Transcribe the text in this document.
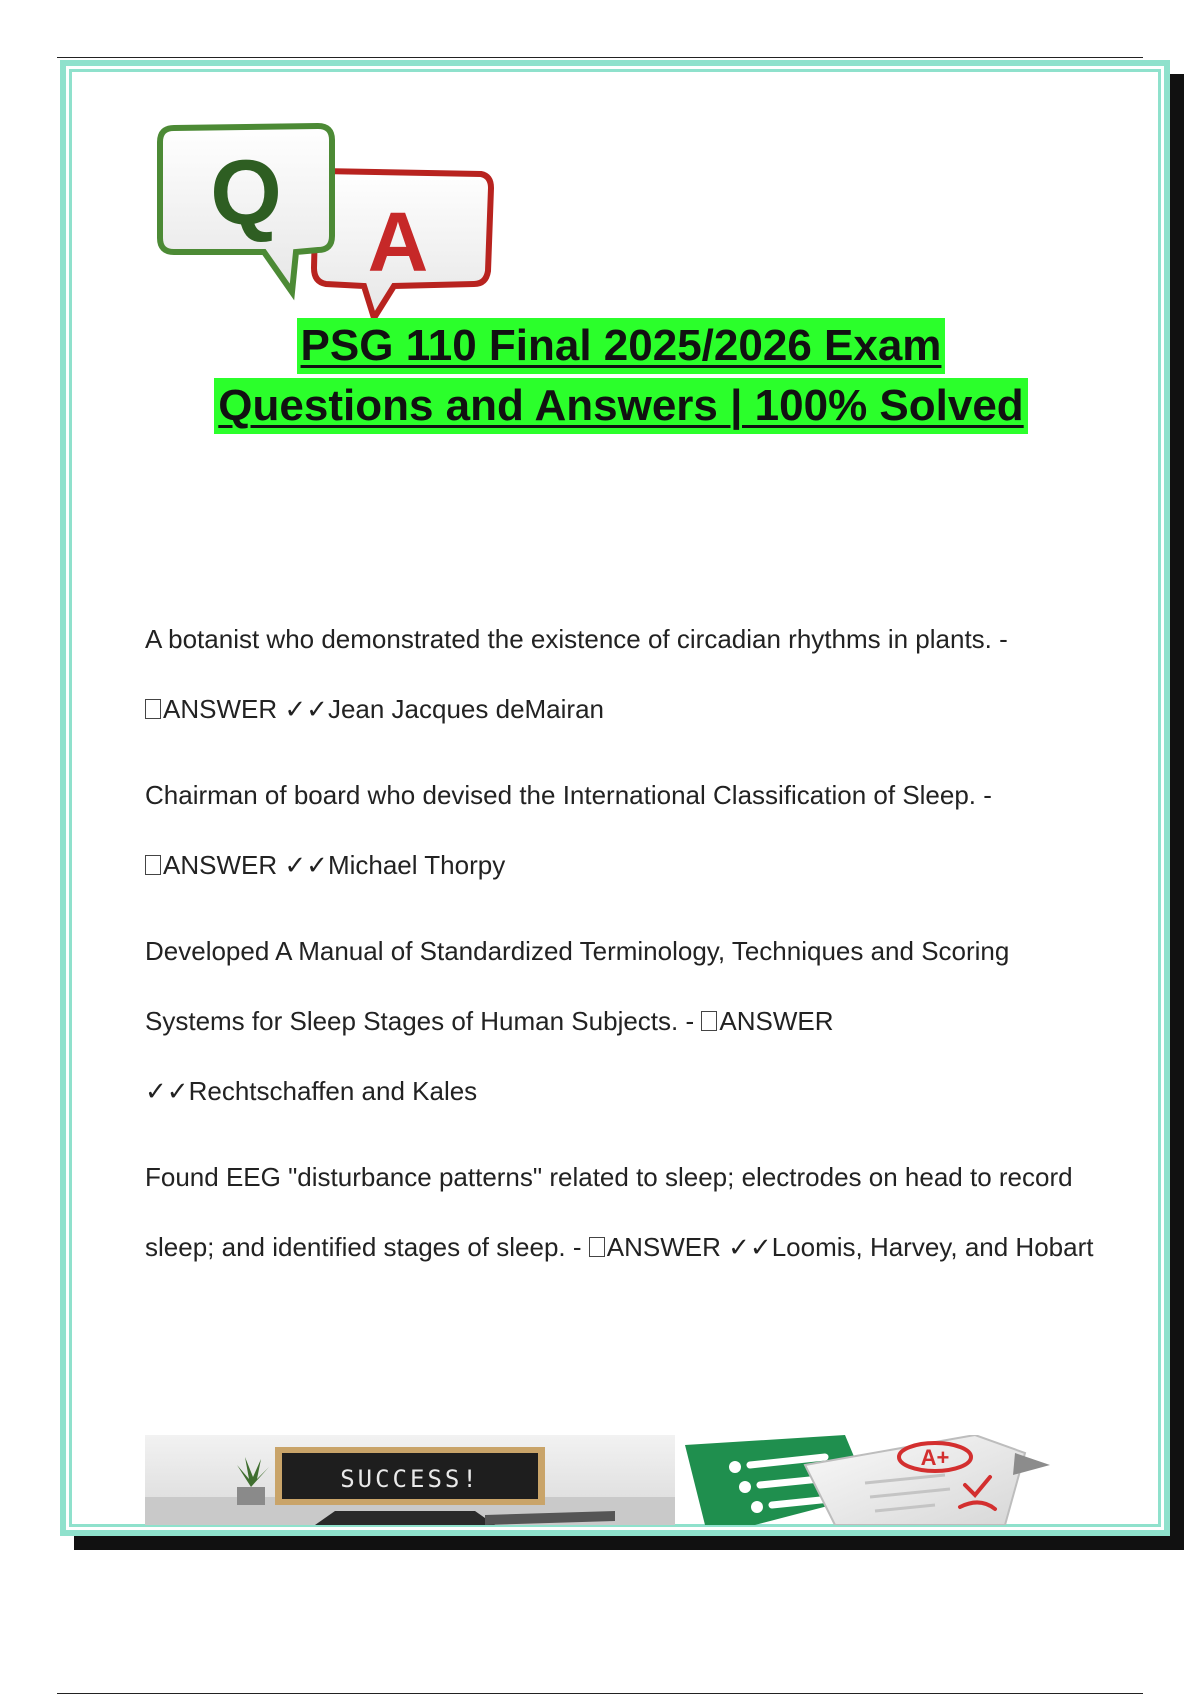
A
Q
PSG 110 Final 2025/2026 Exam
Questions and Answers | 100% Solved
A botanist who demonstrated the existence of circadian rhythms in plants. -
ANSWER ✓✓Jean Jacques deMairan
Chairman of board who devised the International Classification of Sleep. -
ANSWER ✓✓Michael Thorpy
Developed A Manual of Standardized Terminology, Techniques and Scoring Systems for Sleep Stages of Human Subjects. - ANSWER
✓✓Rechtschaffen and Kales
Found EEG "disturbance patterns" related to sleep; electrodes on head to record sleep; and identified stages of sleep. - ANSWER ✓✓Loomis, Harvey, and Hobart
SUCCESS!
A+
